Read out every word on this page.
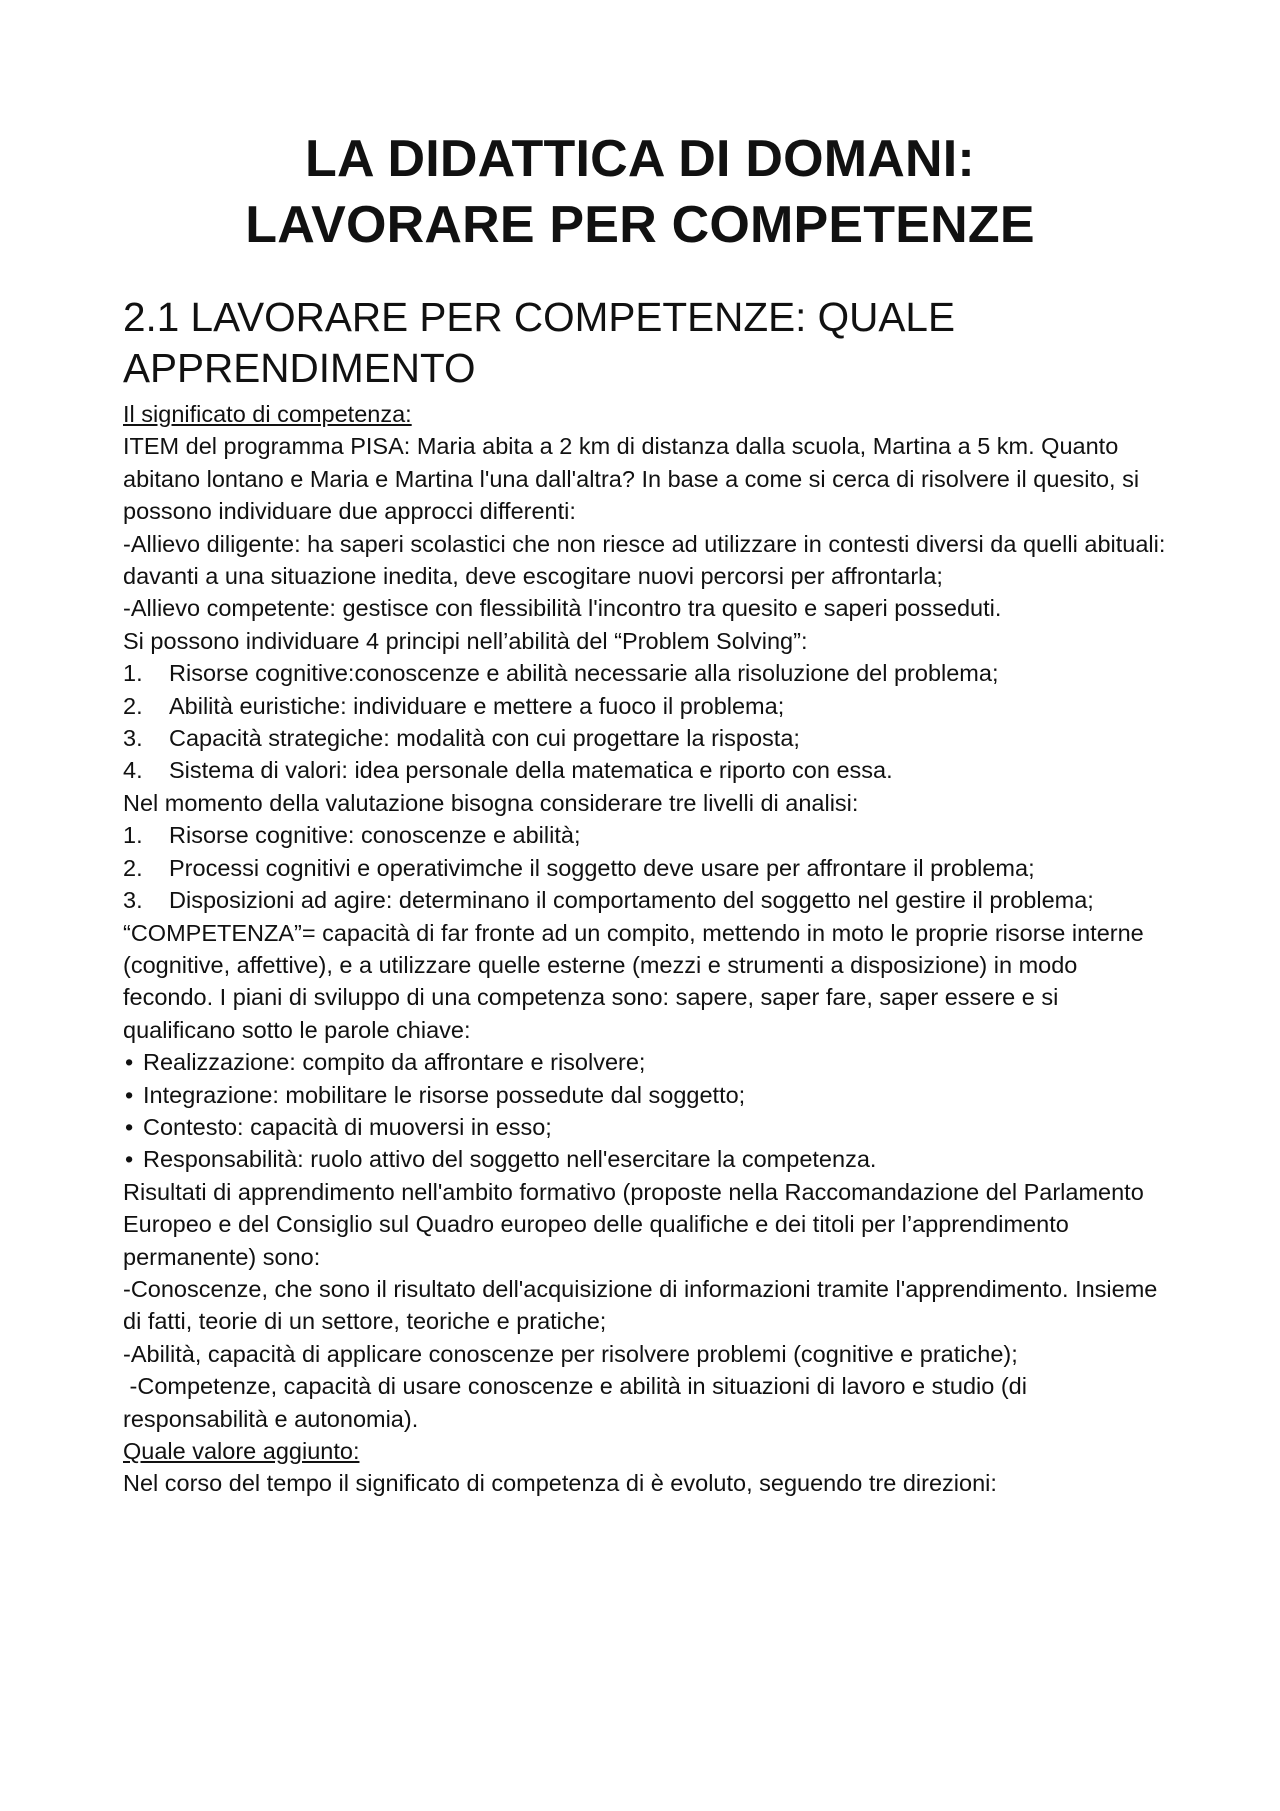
LA DIDATTICA DI DOMANI:
LAVORARE PER COMPETENZE
2.1 LAVORARE PER COMPETENZE: QUALE APPRENDIMENTO

Il significato di competenza:

ITEM del programma PISA: Maria abita a 2 km di distanza dalla scuola, Martina a 5 km. Quanto abitano lontano e Maria e Martina l'una dall'altra? In base a come si cerca di risolvere il quesito, si possono individuare due approcci differenti:

-Allievo diligente: ha saperi scolastici che non riesce ad utilizzare in contesti diversi da quelli abituali: davanti a una situazione inedita, deve escogitare nuovi percorsi per affrontarla;

-Allievo competente: gestisce con flessibilità l'incontro tra quesito e saperi posseduti.

Si possono individuare 4 principi nell’abilità del “Problem Solving”:

1. Risorse cognitive:conoscenze e abilità necessarie alla risoluzione del problema;
2. Abilità euristiche: individuare e mettere a fuoco il problema;
3. Capacità strategiche: modalità con cui progettare la risposta;
4. Sistema di valori: idea personale della matematica e riporto con essa.

Nel momento della valutazione bisogna considerare tre livelli di analisi:

1. Risorse cognitive: conoscenze e abilità;
2. Processi cognitivi e operativimche il soggetto deve usare per affrontare il problema;
3. Disposizioni ad agire: determinano il comportamento del soggetto nel gestire il problema;

“COMPETENZA”= capacità di far fronte ad un compito, mettendo in moto le proprie risorse interne (cognitive, affettive), e a utilizzare quelle esterne (mezzi e strumenti a disposizione) in modo fecondo. I piani di sviluppo di una competenza sono: sapere, saper fare, saper essere e si qualificano sotto le parole chiave:

• Realizzazione: compito da affrontare e risolvere;
• Integrazione: mobilitare le risorse possedute dal soggetto;
• Contesto: capacità di muoversi in esso;
• Responsabilità: ruolo attivo del soggetto nell'esercitare la competenza.

Risultati di apprendimento nell'ambito formativo (proposte nella Raccomandazione del Parlamento Europeo e del Consiglio sul Quadro europeo delle qualifiche e dei titoli per l’apprendimento permanente) sono:

-Conoscenze, che sono il risultato dell'acquisizione di informazioni tramite l'apprendimento. Insieme di fatti, teorie di un settore, teoriche e pratiche;

-Abilità, capacità di applicare conoscenze per risolvere problemi (cognitive e pratiche);

-Competenze, capacità di usare conoscenze e abilità in situazioni di lavoro e studio (di responsabilità e autonomia).

Quale valore aggiunto:

Nel corso del tempo il significato di competenza di è evoluto, seguendo tre direzioni:
